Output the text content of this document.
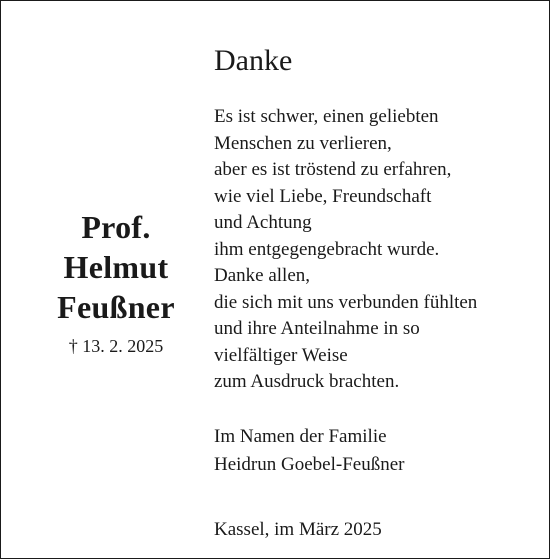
Prof.
Helmut
Feußner
† 13. 2. 2025
Danke
Es ist schwer, einen geliebten
Menschen zu verlieren,
aber es ist tröstend zu erfahren,
wie viel Liebe, Freundschaft
und Achtung
ihm entgegengebracht wurde.
Danke allen,
die sich mit uns verbunden fühlten
und ihre Anteilnahme in so
vielfältiger Weise
zum Ausdruck brachten.
Im Namen der Familie
Heidrun Goebel-Feußner
Kassel, im März 2025
